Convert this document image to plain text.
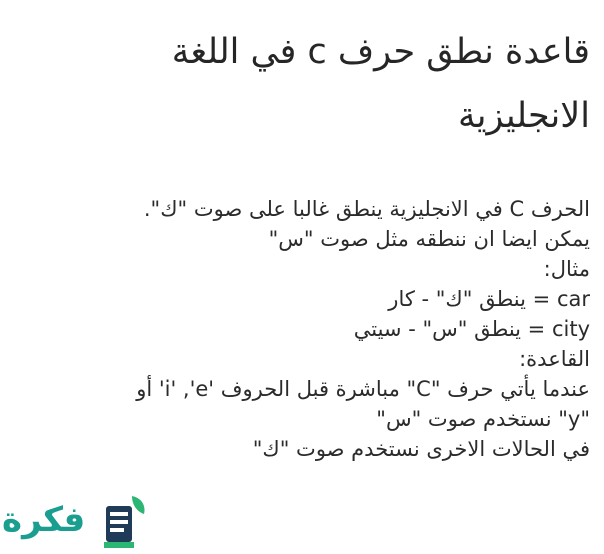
قاعدة نطق حرف c في اللغة
الانجليزية
الحرف C في الانجليزية ينطق غالبا على صوت "ك".
يمكن ايضا ان ننطقه مثل صوت "س"
مثال:
car = ينطق "ك" - كار
city = ينطق "س" - سيتي
القاعدة:
عندما يأتي حرف "C" مباشرة قبل الحروف 'i' ,'e' أو
"y" نستخدم صوت "س"
في الحالات الاخرى نستخدم صوت "ك"
فكرة
